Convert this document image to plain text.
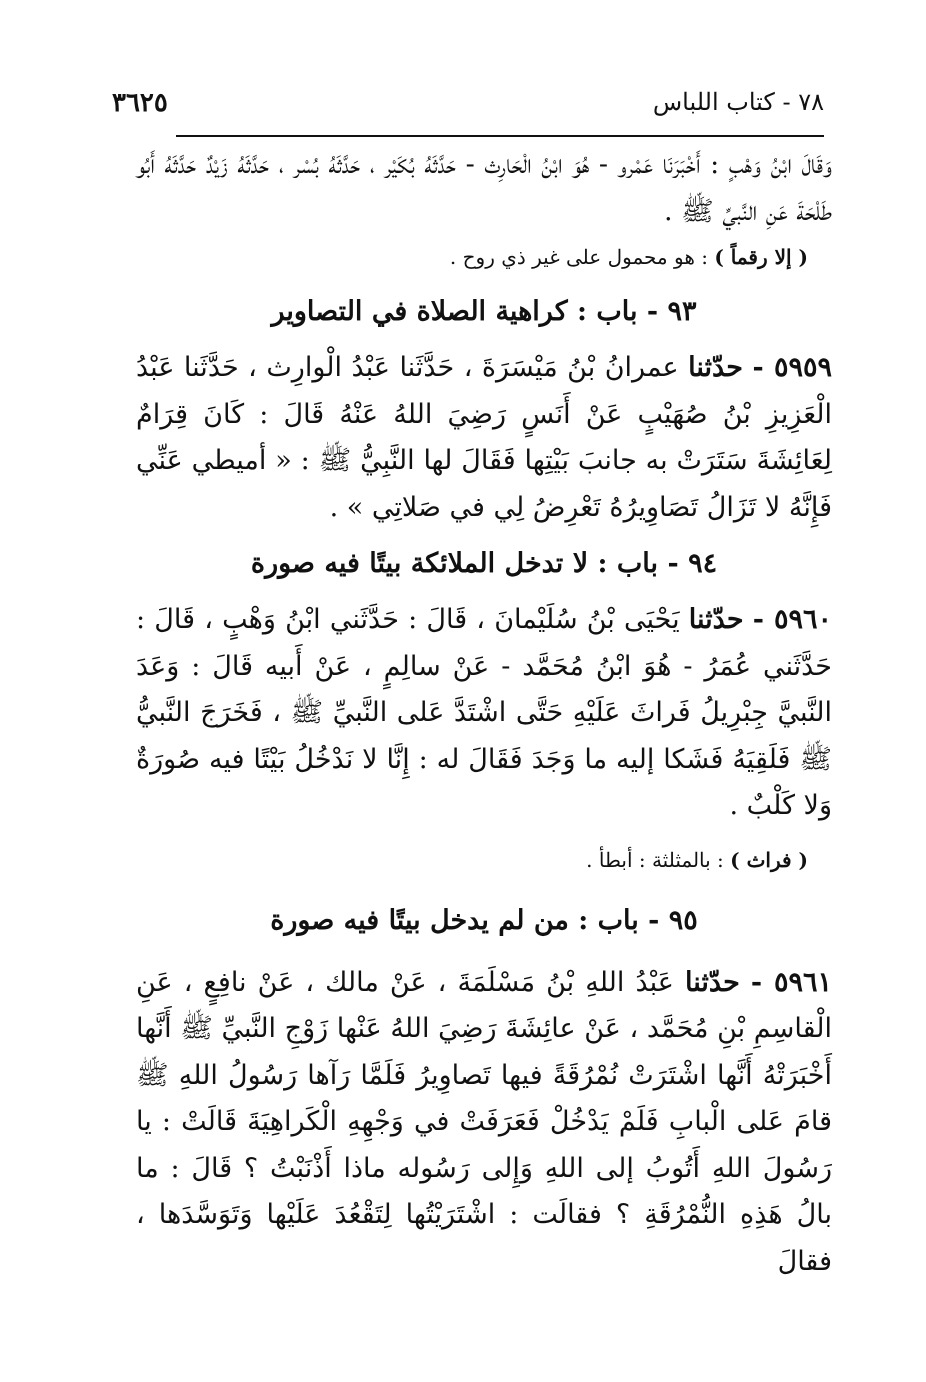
٧٨ - كتاب اللباس
٣٦٢٥

وَقَالَ ابْنُ وَهْبٍ : أَخْبَرَنَا عَمْرو - هُوَ ابْنُ الْحَارِث - حَدَّثَهُ بُكَيْر ، حَدَّثَهُ بُسْر ، حَدَّثَهُ زَيْدٌ حَدَّثَهُ أَبُو طَلْحَةَ عَنِ النَّبيِّ ﷺ .

( إلا رقماً ) : هو محمول على غير ذي روح .

٩٣ - باب : كراهية الصلاة في التصاوير

٥٩٥٩ - حدّثنا عمرانُ بْنُ مَيْسَرَةَ ، حَدَّثَنا عَبْدُ الْوارِث ، حَدَّثَنا عَبْدُ الْعَزِيزِ بْنُ صُهَيْبٍ عَنْ أَنَسٍ رَضِيَ اللهُ عَنْهُ قَالَ : كَانَ قِرَامٌ لِعَائِشَةَ سَتَرَتْ به جانبَ بَيْتِها فَقَالَ لها النَّبِيُّ ﷺ : « أميطي عَنِّي فَإِنَّهُ لا تَزَالُ تَصَاوِيرُهُ تَعْرِضُ لِي في صَلاتِي » .

٩٤ - باب : لا تدخل الملائكة بيتًا فيه صورة

٥٩٦٠ - حدّثنا يَحْيَى بْنُ سُلَيْمانَ ، قَالَ : حَدَّثَني ابْنُ وَهْبٍ ، قَالَ : حَدَّثَني عُمَرُ - هُوَ ابْنُ مُحَمَّد - عَنْ سالِمٍ ، عَنْ أَبيه قَالَ : وَعَدَ النَّبيَّ جِبْرِيلُ فَراثَ عَلَيْهِ حَتَّى اشْتَدَّ عَلى النَّبيِّ ﷺ ، فَخَرَجَ النَّبيُّ ﷺ فَلَقِيَهُ فَشَكا إليه ما وَجَدَ فَقَالَ له : إِنَّا لا نَدْخُلُ بَيْتًا فيه صُورَةٌ وَلا كَلْبٌ .

( فراث ) : بالمثلثة : أبطأ .

٩٥ - باب : من لم يدخل بيتًا فيه صورة

٥٩٦١ - حدّثنا عَبْدُ اللهِ بْنُ مَسْلَمَةَ ، عَنْ مالك ، عَنْ نافِعٍ ، عَنِ الْقاسِمِ بْنِ مُحَمَّد ، عَنْ عائِشَةَ رَضِيَ اللهُ عَنْها زَوْجِ النَّبيِّ ﷺ أَنَّها أَخْبَرَتْهُ أَنَّها اشْتَرَتْ نُمْرُقَةً فيها تَصاوِيرُ فَلَمَّا رَآها رَسُولُ اللهِ ﷺ قامَ عَلى الْبابِ فَلَمْ يَدْخُلْ فَعَرَفَتْ في وَجْهِهِ الْكَراهِيَةَ قَالَتْ : يا رَسُولَ اللهِ أَتُوبُ إلى اللهِ وَإِلى رَسُوله ماذا أَذْنَبْتُ ؟ قَالَ : ما بالُ هَذِهِ النُّمْرُقَةِ ؟ فقالَت : اشْتَرَيْتُها لِتَقْعُدَ عَلَيْها وَتَوَسَّدَها ، فقالَ
